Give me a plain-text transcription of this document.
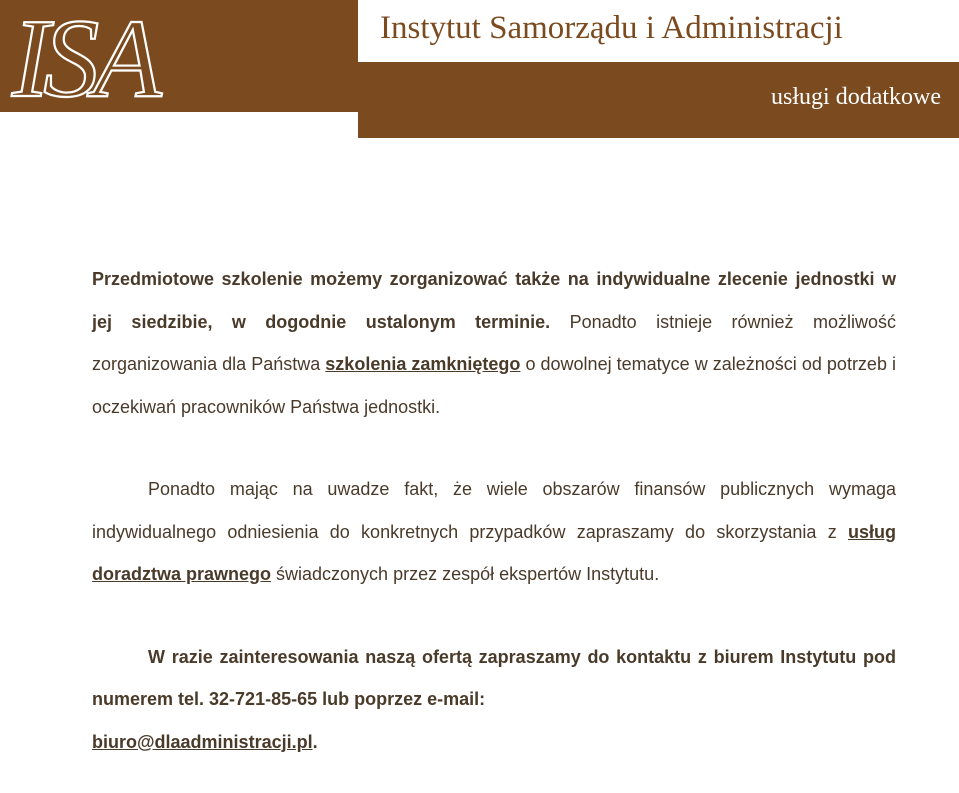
ISA	Instytut Samorządu i Administracji
usługi dodatkowe

Przedmiotowe szkolenie możemy zorganizować także na indywidualne zlecenie jednostki w jej siedzibie, w dogodnie ustalonym terminie. Ponadto istnieje również możliwość zorganizowania dla Państwa szkolenia zamkniętego o dowolnej tematyce w zależności od potrzeb i oczekiwań pracowników Państwa jednostki.

Ponadto mając na uwadze fakt, że wiele obszarów finansów publicznych wymaga indywidualnego odniesienia do konkretnych przypadków zapraszamy do skorzystania z usług doradztwa prawnego świadczonych przez zespół ekspertów Instytutu.

W razie zainteresowania naszą ofertą zapraszamy do kontaktu z biurem Instytutu pod numerem tel. 32-721-85-65 lub poprzez e-mail:
biuro@dlaadministracji.pl.
